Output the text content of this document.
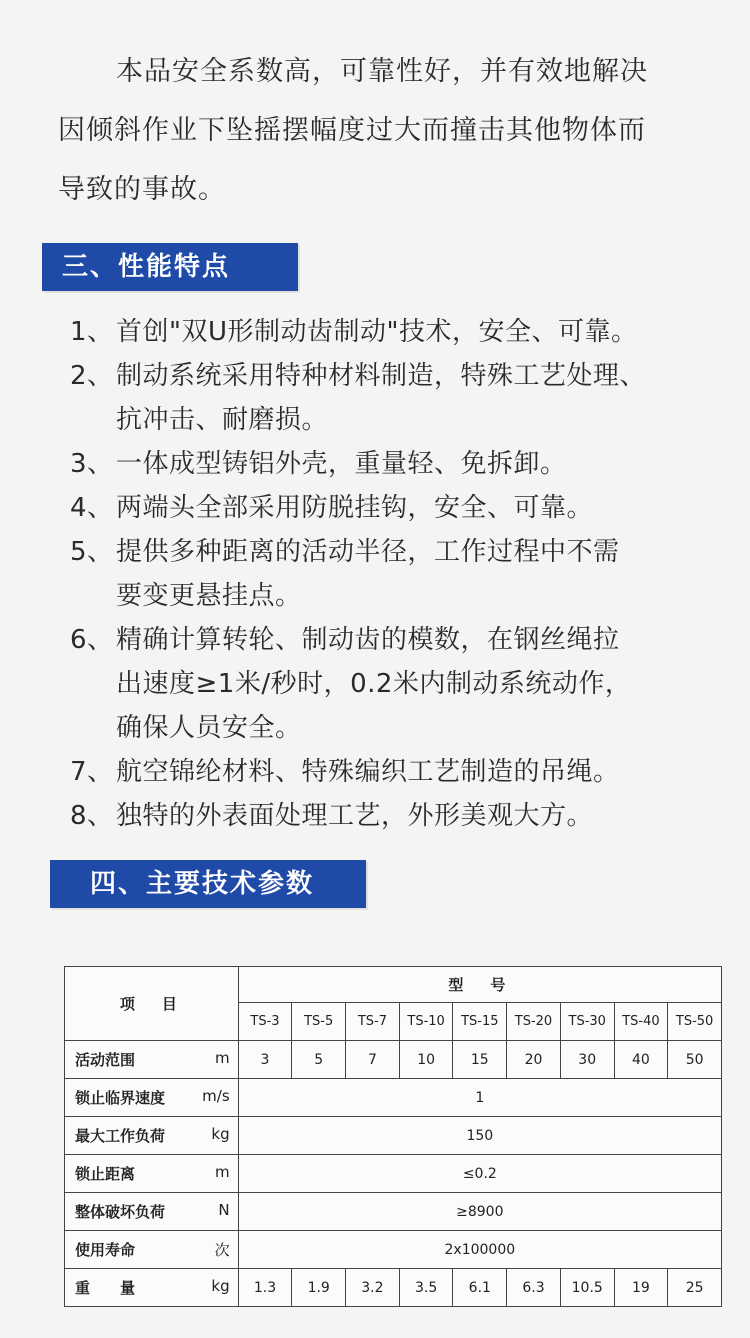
本品安全系数高，可靠性好，并有效地解决
因倾斜作业下坠摇摆幅度过大而撞击其他物体而
导致的事故。
三、性能特点
1、首创"双U形制动齿制动"技术，安全、可靠。
2、制动系统采用特种材料制造，特殊工艺处理、
抗冲击、耐磨损。
3、一体成型铸铝外壳，重量轻、免拆卸。
4、两端头全部采用防脱挂钩，安全、可靠。
5、提供多种距离的活动半径，工作过程中不需
要变更悬挂点。
6、精确计算转轮、制动齿的模数，在钢丝绳拉
出速度≥1米/秒时，0.2米内制动系统动作，
确保人员安全。
7、航空锦纶材料、特殊编织工艺制造的吊绳。
8、独特的外表面处理工艺，外形美观大方。
四、主要技术参数
项　目	型　号								
	TS-3	TS-5	TS-7	TS-10	TS-15	TS-20	TS-30	TS-40	TS-50
活动范围 m	3	5	7	10	15	20	30	40	50
锁止临界速度 m/s	1								
最大工作负荷 kg	150								
锁止距离 m	≤0.2								
整体破坏负荷 N	≥8900								
使用寿命 次	2x100000								
重　　量 kg	1.3	1.9	3.2	3.5	6.1	6.3	10.5	19	25
